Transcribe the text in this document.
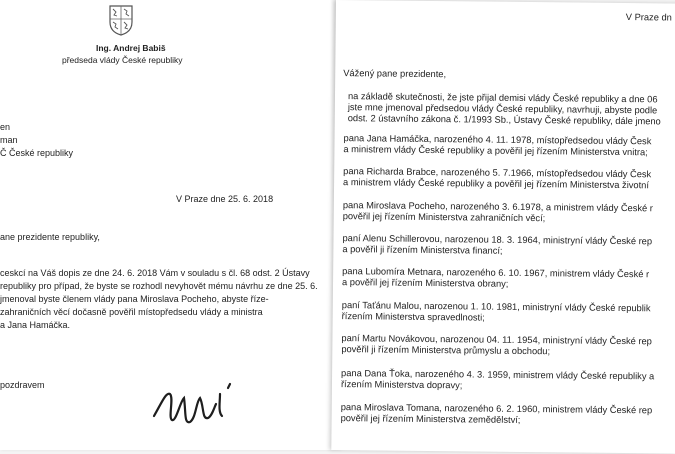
Ing. Andrej Babiš
předseda vlády České republiky
en
man
Č České republiky
V Praze dne 25. 6. 2018
ane prezidente republiky,
ceskcí na Váš dopis ze dne 24. 6. 2018 Vám v souladu s čl. 68 odst. 2 Ústavy
republiky pro případ, že byste se rozhodl nevyhovět mému návrhu ze dne 25. 6.
jmenoval byste členem vlády pana Miroslava Pocheho, abyste říze-
zahraničních věcí dočasně pověřil místopředsedu vlády a ministra
a Jana Hamáčka.
pozdravem
V Praze dn
Vážený pane prezidente,
na základě skutečnosti, že jste přijal demisi vlády České republiky a dne 06
jste mne jmenoval předsedou vlády České republiky, navrhuji, abyste podle
odst. 2 ústavního zákona č. 1/1993 Sb., Ústavy České republiky, dále jmeno
pana Jana Hamáčka, narozeného 4. 11. 1978, místopředsedou vlády Česk
a ministrem vlády České republiky a pověřil jej řízením Ministerstva vnitra;
pana Richarda Brabce, narozeného 5. 7.1966, místopředsedou vlády Česk
a ministrem vlády České republiky a pověřil jej řízením Ministerstva životní
pana Miroslava Pocheho, narozeného 3. 6.1978, a ministrem vlády České r
pověřil jej řízením Ministerstva zahraničních věcí;
paní Alenu Schillerovou, narozenou 18. 3. 1964, ministryní vlády České rep
a pověřil ji řízením Ministerstva financí;
pana Lubomíra Metnara, narozeného 6. 10. 1967, ministrem vlády České r
a pověřil jej řízením Ministerstva obrany;
paní Taťánu Malou, narozenou 1. 10. 1981, ministryní vlády České republik
řízením Ministerstva spravedlnosti;
paní Martu Novákovou, narozenou 04. 11. 1954, ministryní vlády České rep
pověřil ji řízením Ministerstva průmyslu a obchodu;
pana Dana Ťoka, narozeného 4. 3. 1959, ministrem vlády České republiky a
řízením Ministerstva dopravy;
pana Miroslava Tomana, narozeného 6. 2. 1960, ministrem vlády České rep
pověřil jej řízením Ministerstva zemědělství;
